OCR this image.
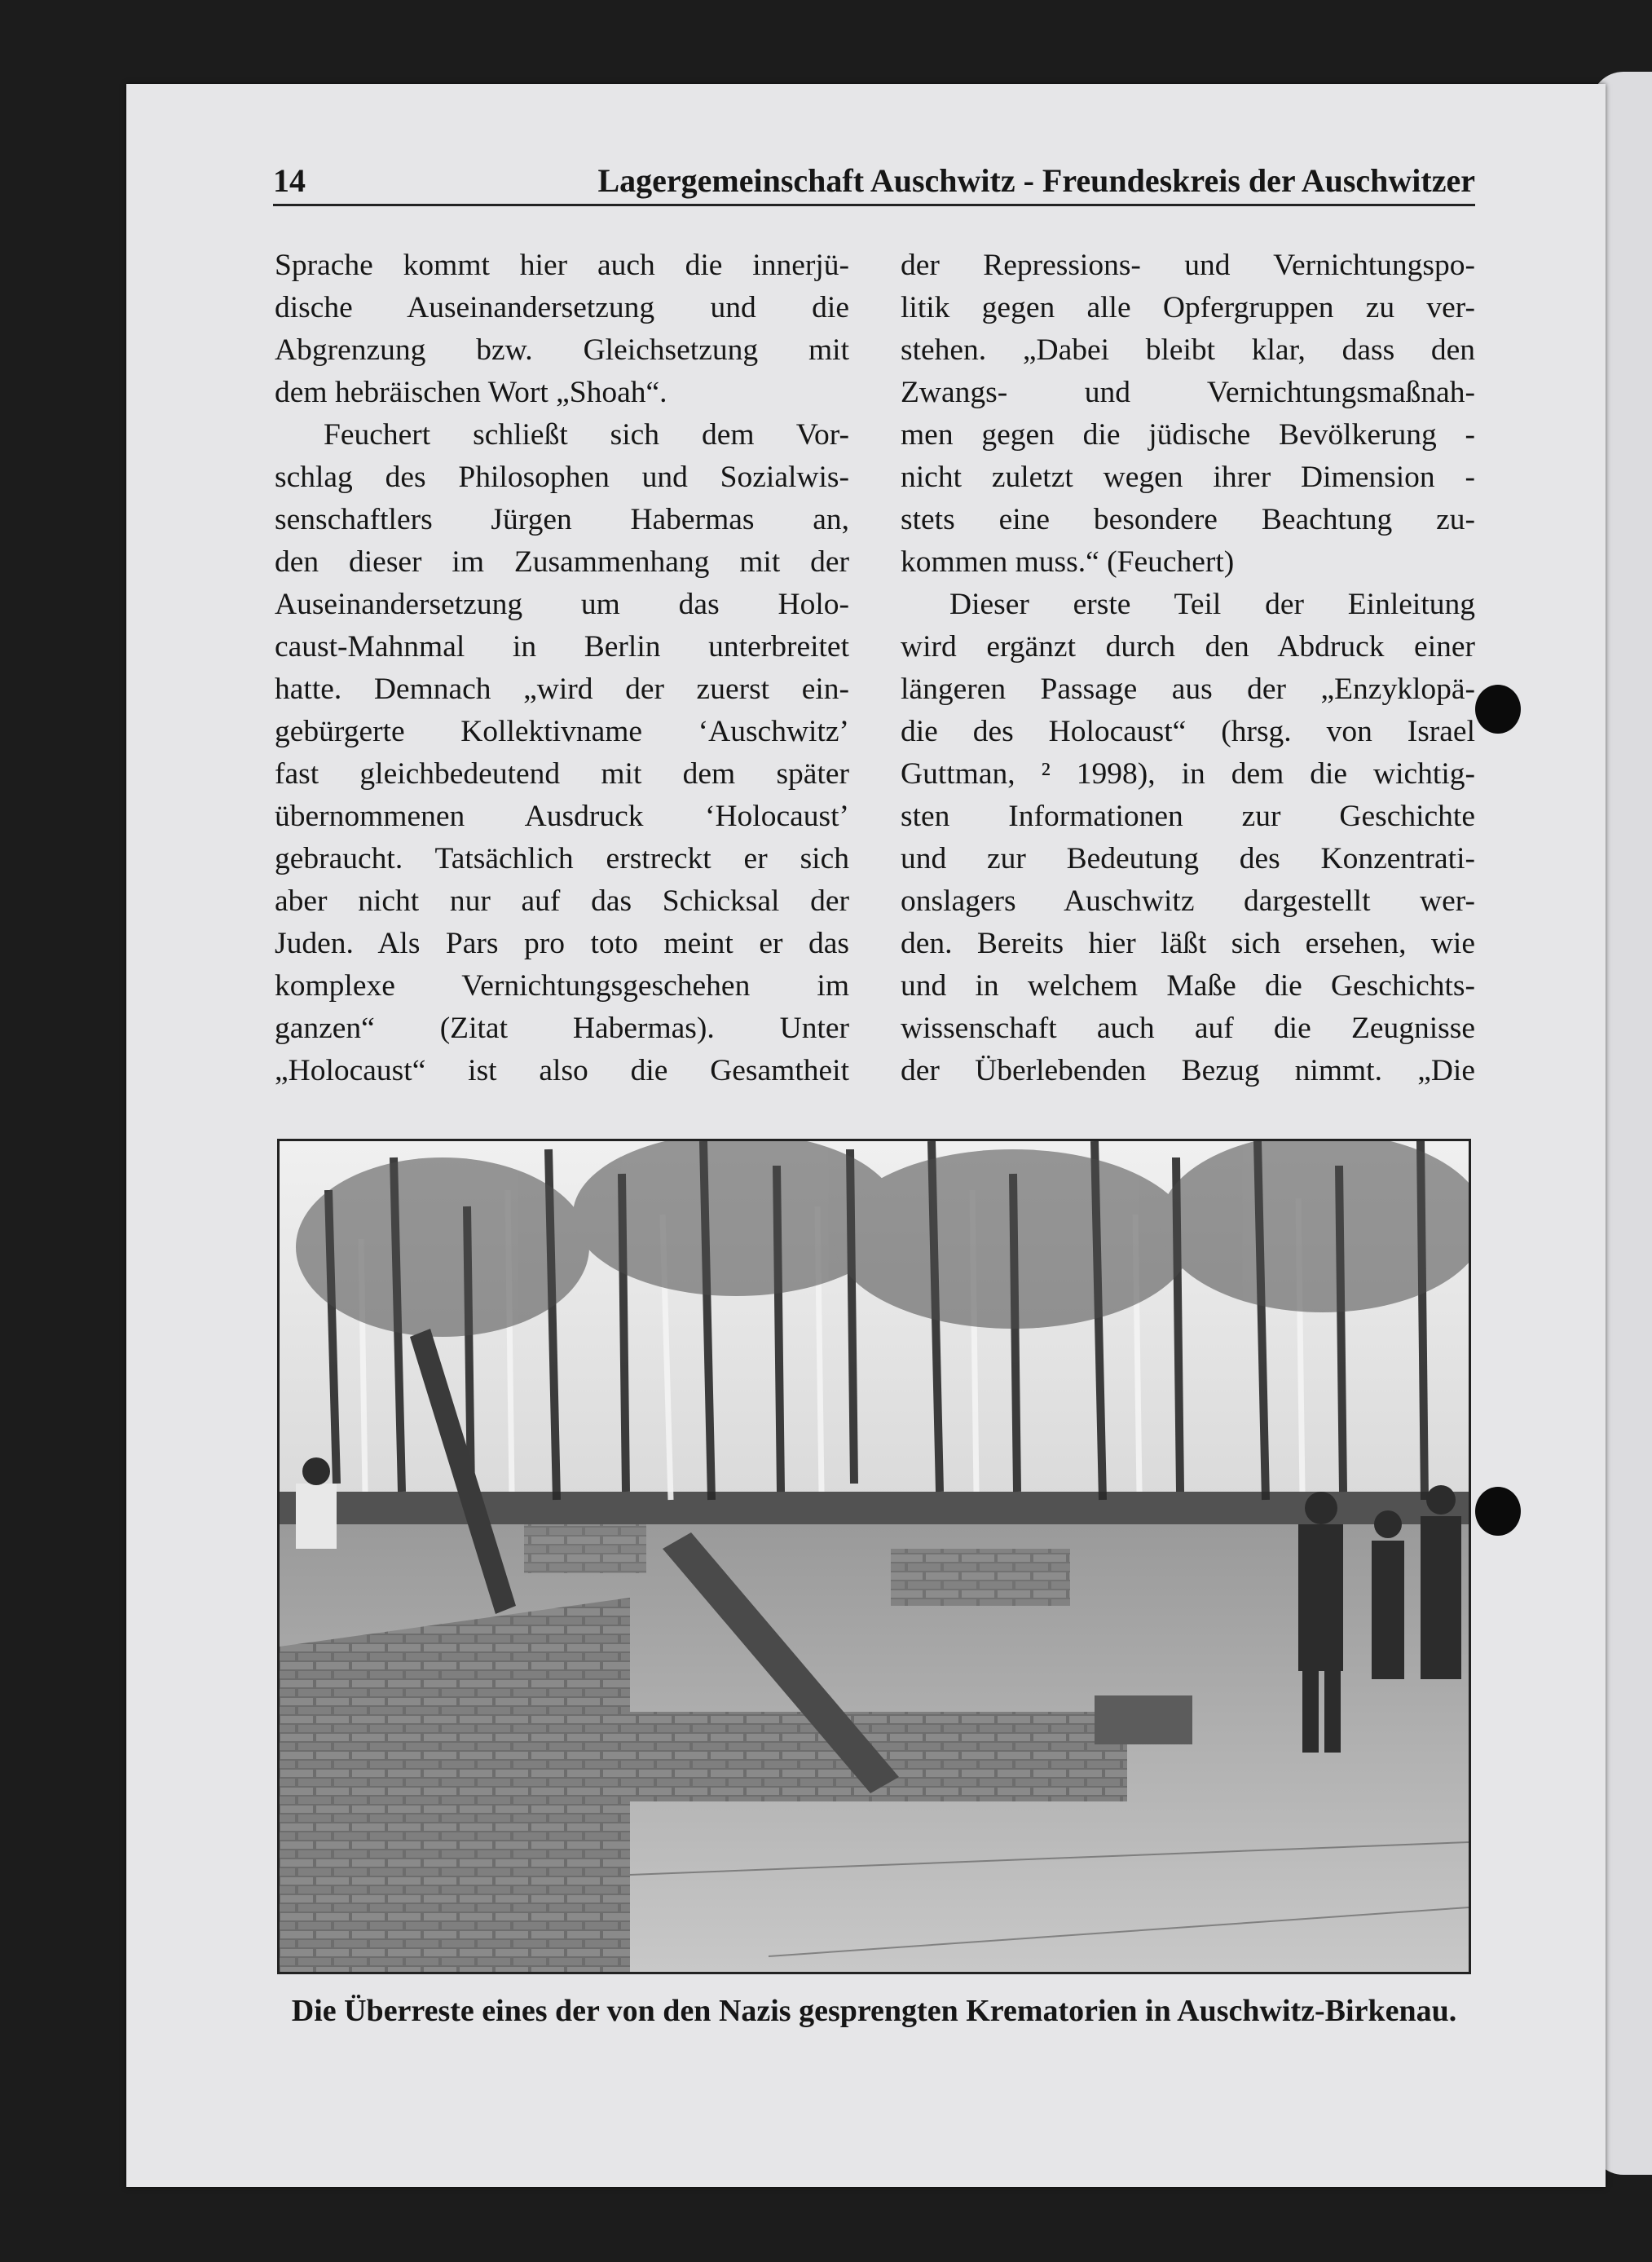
14	Lagergemeinschaft Auschwitz - Freundeskreis der Auschwitzer
Sprache kommt hier auch die innerjü-
dische Auseinandersetzung und die
Abgrenzung bzw. Gleichsetzung mit
dem hebräischen Wort „Shoah“.
Feuchert schließt sich dem Vor-
schlag des Philosophen und Sozialwis-
senschaftlers Jürgen Habermas an,
den dieser im Zusammenhang mit der
Auseinandersetzung um das Holo-
caust-Mahnmal in Berlin unterbreitet
hatte. Demnach „wird der zuerst ein-
gebürgerte Kollektivname ‘Auschwitz’
fast gleichbedeutend mit dem später
übernommenen Ausdruck ‘Holocaust’
gebraucht. Tatsächlich erstreckt er sich
aber nicht nur auf das Schicksal der
Juden. Als Pars pro toto meint er das
komplexe Vernichtungsgeschehen im
ganzen“ (Zitat Habermas). Unter
„Holocaust“ ist also die Gesamtheit
der Repressions- und Vernichtungspo-
litik gegen alle Opfergruppen zu ver-
stehen. „Dabei bleibt klar, dass den
Zwangs- und Vernichtungsmaßnah-
men gegen die jüdische Bevölkerung -
nicht zuletzt wegen ihrer Dimension -
stets eine besondere Beachtung zu-
kommen muss.“ (Feuchert)
Dieser erste Teil der Einleitung
wird ergänzt durch den Abdruck einer
längeren Passage aus der „Enzyklopä-
die des Holocaust“ (hrsg. von Israel
Guttman, ² 1998), in dem die wichtig-
sten Informationen zur Geschichte
und zur Bedeutung des Konzentrati-
onslagers Auschwitz dargestellt wer-
den. Bereits hier läßt sich ersehen, wie
und in welchem Maße die Geschichts-
wissenschaft auch auf die Zeugnisse
der Überlebenden Bezug nimmt. „Die
Die Überreste eines der von den Nazis gesprengten Krematorien in Auschwitz-Birkenau.
